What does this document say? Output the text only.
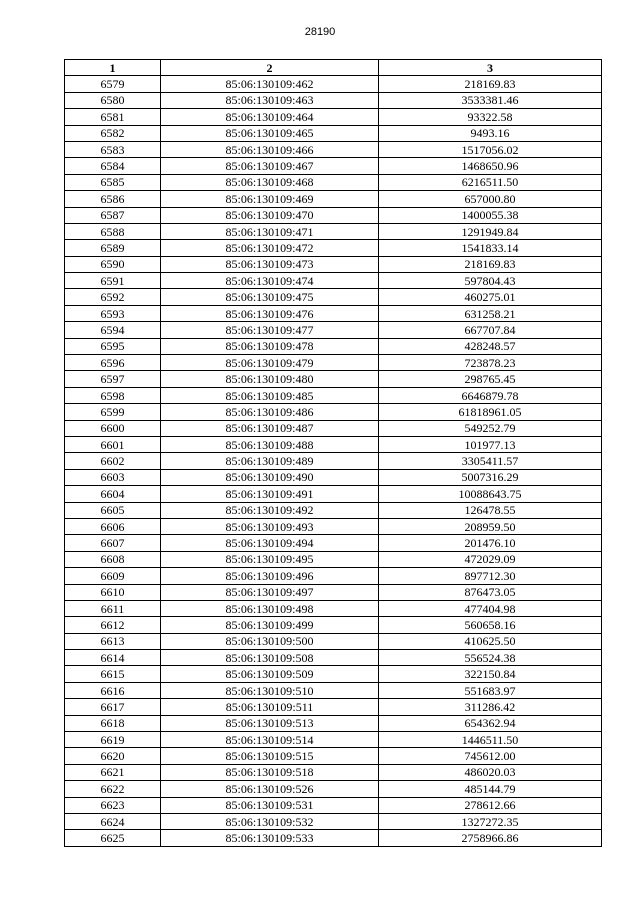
28190
1	2	3
6579	85:06:130109:462	218169.83
6580	85:06:130109:463	3533381.46
6581	85:06:130109:464	93322.58
6582	85:06:130109:465	9493.16
6583	85:06:130109:466	1517056.02
6584	85:06:130109:467	1468650.96
6585	85:06:130109:468	6216511.50
6586	85:06:130109:469	657000.80
6587	85:06:130109:470	1400055.38
6588	85:06:130109:471	1291949.84
6589	85:06:130109:472	1541833.14
6590	85:06:130109:473	218169.83
6591	85:06:130109:474	597804.43
6592	85:06:130109:475	460275.01
6593	85:06:130109:476	631258.21
6594	85:06:130109:477	667707.84
6595	85:06:130109:478	428248.57
6596	85:06:130109:479	723878.23
6597	85:06:130109:480	298765.45
6598	85:06:130109:485	6646879.78
6599	85:06:130109:486	61818961.05
6600	85:06:130109:487	549252.79
6601	85:06:130109:488	101977.13
6602	85:06:130109:489	3305411.57
6603	85:06:130109:490	5007316.29
6604	85:06:130109:491	10088643.75
6605	85:06:130109:492	126478.55
6606	85:06:130109:493	208959.50
6607	85:06:130109:494	201476.10
6608	85:06:130109:495	472029.09
6609	85:06:130109:496	897712.30
6610	85:06:130109:497	876473.05
6611	85:06:130109:498	477404.98
6612	85:06:130109:499	560658.16
6613	85:06:130109:500	410625.50
6614	85:06:130109:508	556524.38
6615	85:06:130109:509	322150.84
6616	85:06:130109:510	551683.97
6617	85:06:130109:511	311286.42
6618	85:06:130109:513	654362.94
6619	85:06:130109:514	1446511.50
6620	85:06:130109:515	745612.00
6621	85:06:130109:518	486020.03
6622	85:06:130109:526	485144.79
6623	85:06:130109:531	278612.66
6624	85:06:130109:532	1327272.35
6625	85:06:130109:533	2758966.86
